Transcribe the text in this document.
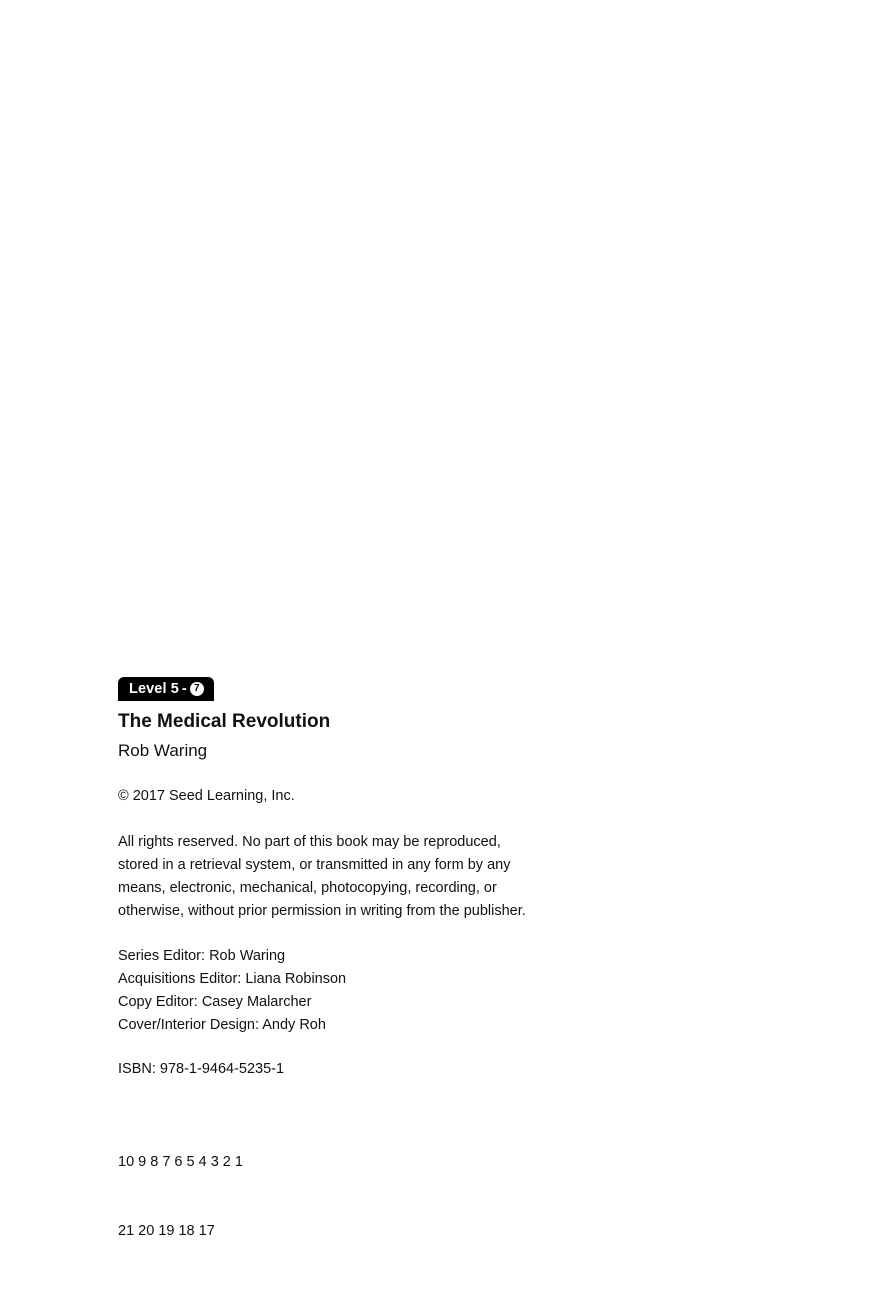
Level 5 - 7
The Medical Revolution
Rob Waring
© 2017 Seed Learning, Inc.
All rights reserved. No part of this book may be reproduced,
stored in a retrieval system, or transmitted in any form by any
means, electronic, mechanical, photocopying, recording, or
otherwise, without prior permission in writing from the publisher.
Series Editor: Rob Waring
Acquisitions Editor: Liana Robinson
Copy Editor: Casey Malarcher
Cover/Interior Design: Andy Roh
ISBN: 978-1-9464-5235-1

10 9 8 7 6 5 4 3 2 1

21 20 19 18 17
